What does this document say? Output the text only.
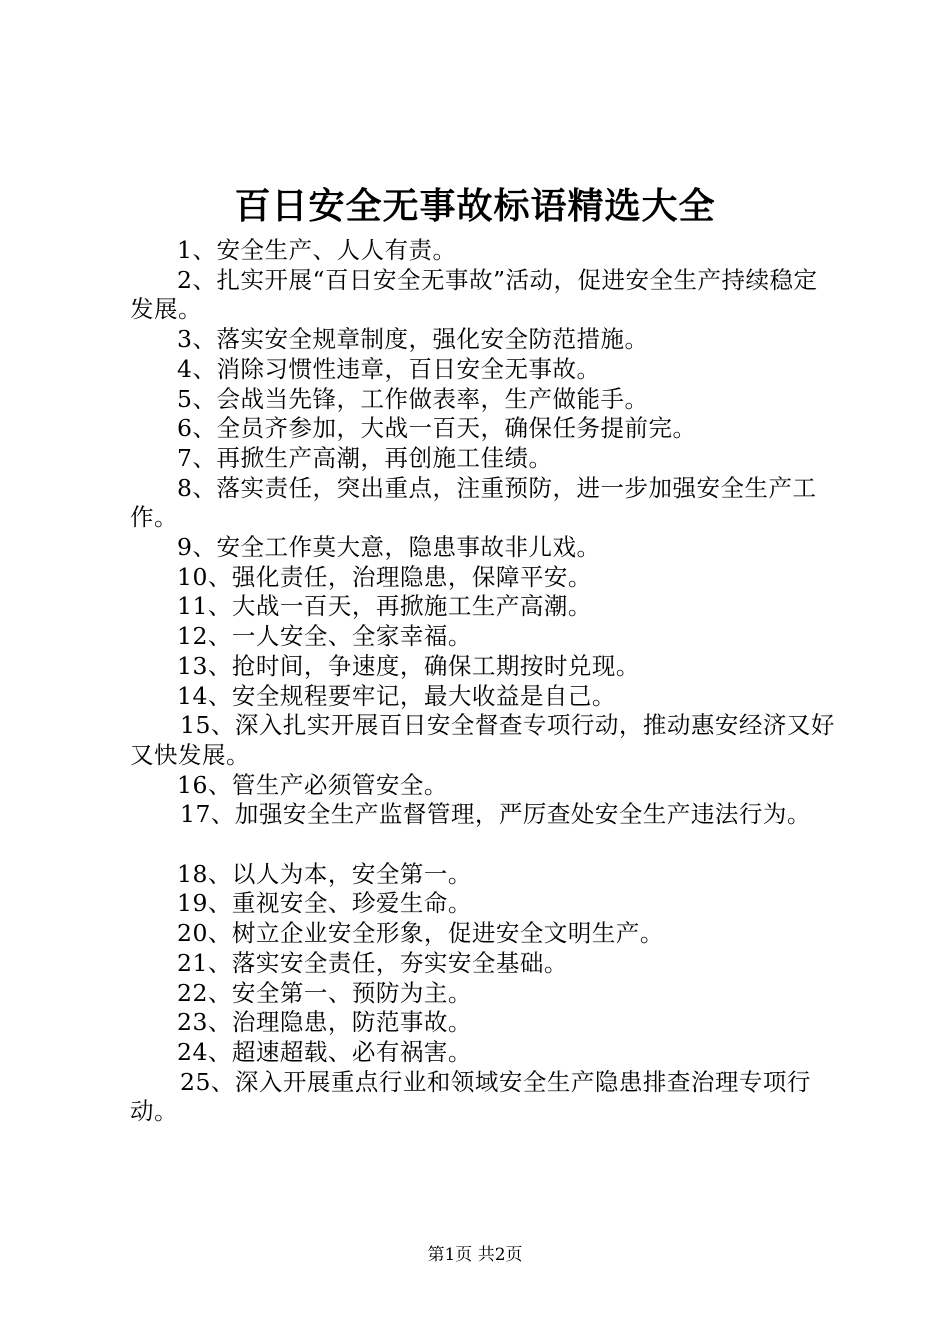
百日安全无事故标语精选大全

1、安全生产、人人有责。

2、扎实开展“百日安全无事故”活动，促进安全生产持续稳定发展。

3、落实安全规章制度，强化安全防范措施。

4、消除习惯性违章，百日安全无事故。

5、会战当先锋，工作做表率，生产做能手。

6、全员齐参加，大战一百天，确保任务提前完。

7、再掀生产高潮，再创施工佳绩。

8、落实责任，突出重点，注重预防，进一步加强安全生产工作。

9、安全工作莫大意，隐患事故非儿戏。

10、强化责任，治理隐患，保障平安。

11、大战一百天，再掀施工生产高潮。

12、一人安全、全家幸福。

13、抢时间，争速度，确保工期按时兑现。

14、安全规程要牢记，最大收益是自己。

15、深入扎实开展百日安全督查专项行动，推动惠安经济又好又快发展。

16、管生产必须管安全。

17、加强安全生产监督管理，严厉查处安全生产违法行为。

18、以人为本，安全第一。

19、重视安全、珍爱生命。

20、树立企业安全形象，促进安全文明生产。

21、落实安全责任，夯实安全基础。

22、安全第一、预防为主。

23、治理隐患，防范事故。

24、超速超载、必有祸害。

25、深入开展重点行业和领域安全生产隐患排查治理专项行动。

第1页 共2页
